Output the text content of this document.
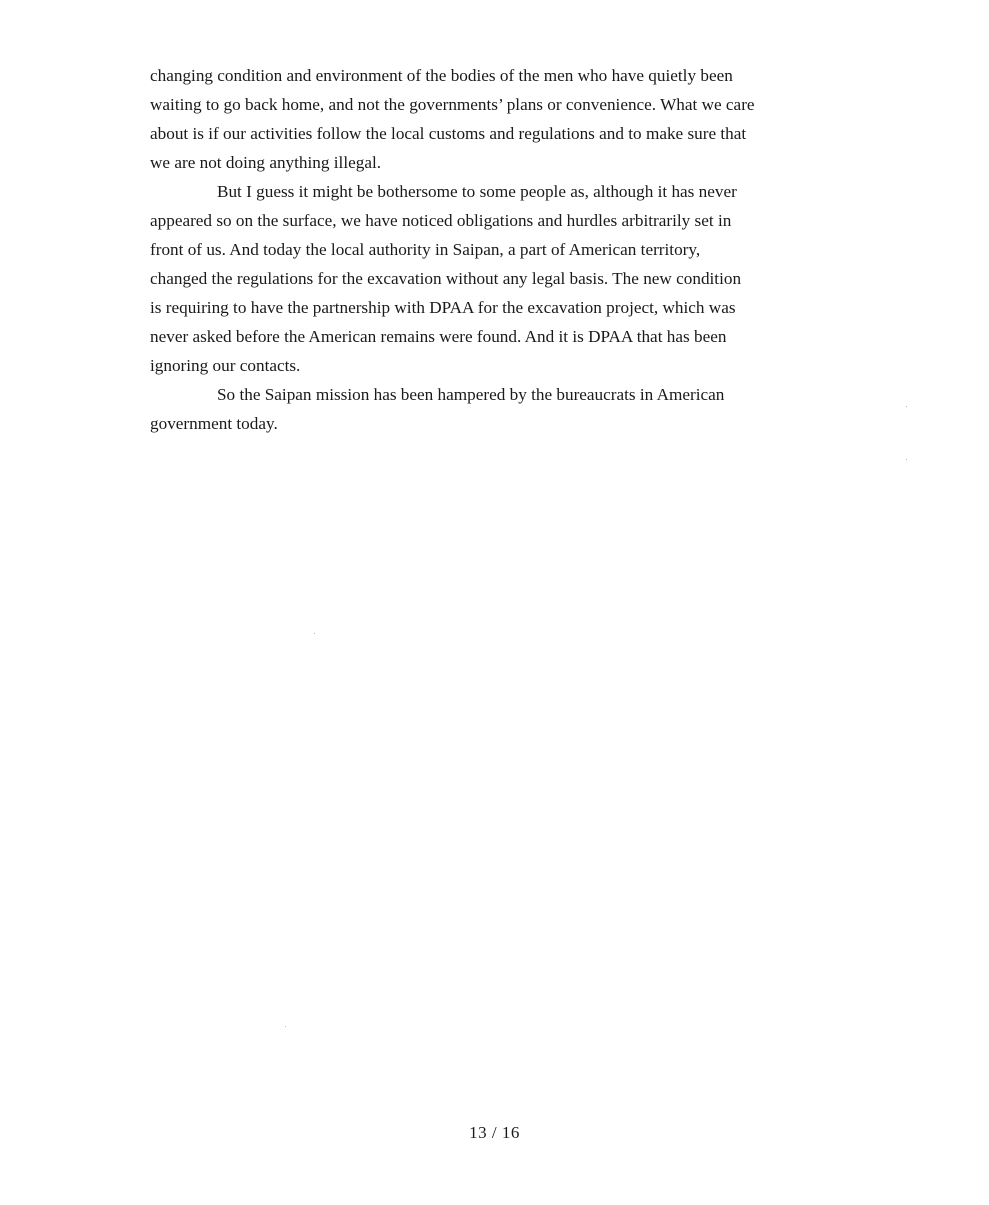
changing condition and environment of the bodies of the men who have quietly been
waiting to go back home, and not the governments’ plans or convenience. What we care
about is if our activities follow the local customs and regulations and to make sure that
we are not doing anything illegal.

But I guess it might be bothersome to some people as, although it has never
appeared so on the surface, we have noticed obligations and hurdles arbitrarily set in
front of us. And today the local authority in Saipan, a part of American territory,
changed the regulations for the excavation without any legal basis. The new condition
is requiring to have the partnership with DPAA for the excavation project, which was
never asked before the American remains were found. And it is DPAA that has been
ignoring our contacts.

So the Saipan mission has been hampered by the bureaucrats in American
government today.

13 / 16
